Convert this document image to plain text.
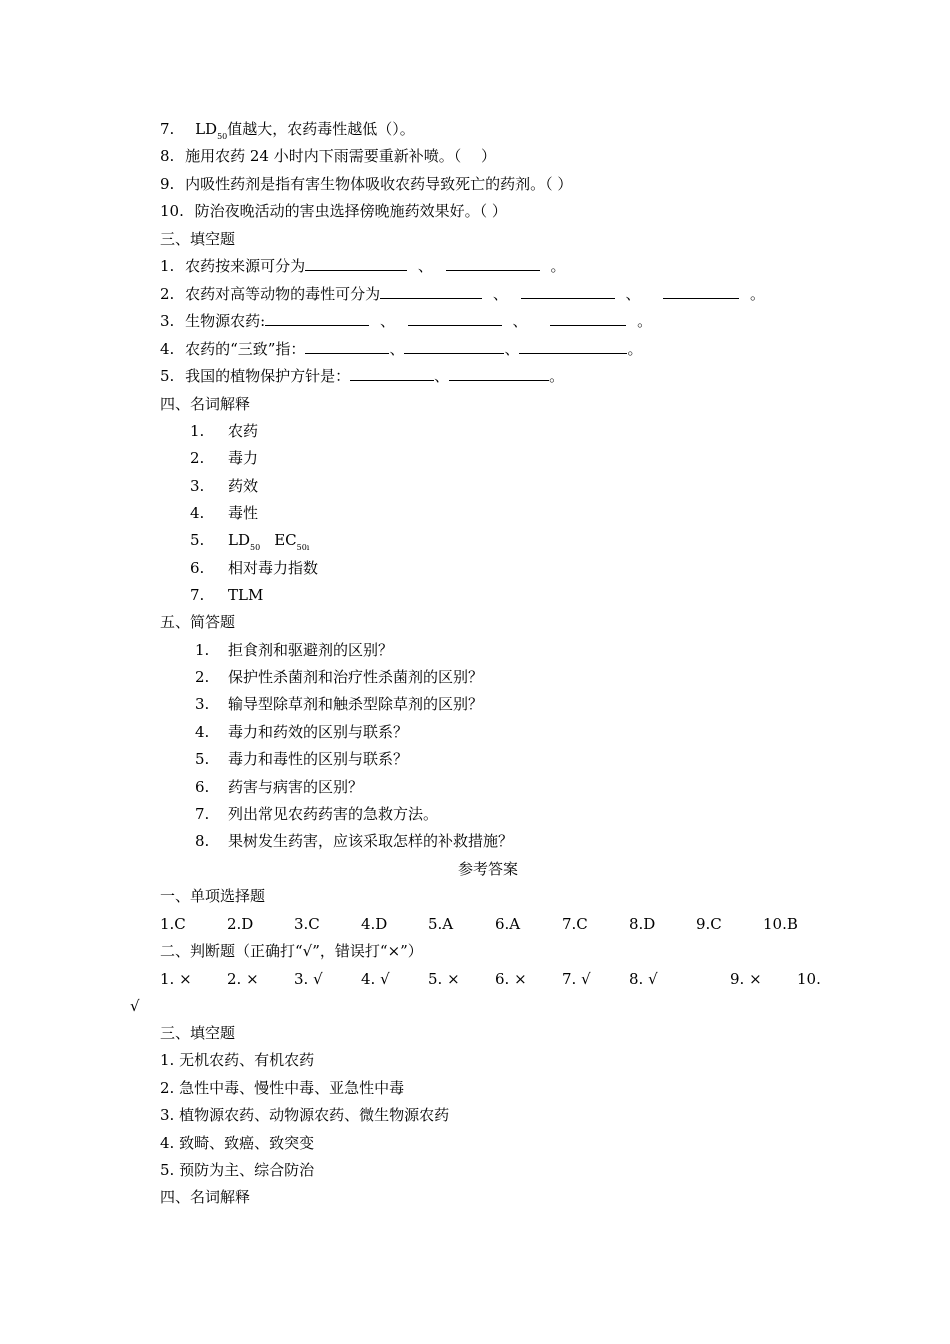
7. $LD_{50}$值越大，农药毒性越低（）。
8. 施用农药 24 小时内下雨需要重新补喷。（　 ）
9. 内吸性药剂是指有害生物体吸收农药导致死亡的药剂。（ ）
10. 防治夜晚活动的害虫选择傍晚施药效果好。（ ）
三、填空题
1. 农药按来源可分为	、	。
2. 农药对高等动物的毒性可分为	、	、	。
3. 生物源农药:	、	、	。
4. 农药的“三致”指：	、	、	。
5. 我国的植物保护方针是：	、	。
四、名词解释
1. 农药
2. 毒力
3. 药效
4. 毒性
5. $LD_{50}$ $EC_{50ı}$
6. 相对毒力指数
7. TLM
五、简答题
1. 拒食剂和驱避剂的区别？
2. 保护性杀菌剂和治疗性杀菌剂的区别？
3. 输导型除草剂和触杀型除草剂的区别？
4. 毒力和药效的区别与联系？
5. 毒力和毒性的区别与联系？
6. 药害与病害的区别？
7. 列出常见农药药害的急救方法。
8. 果树发生药害，应该采取怎样的补救措施？
参考答案
一、单项选择题
1.C	2.D	3.C	4.D	5.A	6.A	7.C	8.D	9.C	10.B
二、判断题（正确打“√”，错误打“×”）
1. × 2. × 3. √	4. √	5. × 6. × 7. √	8. √	9. × 10.
√
三、填空题
1. 无机农药、有机农药
2. 急性中毒、慢性中毒、亚急性中毒
3. 植物源农药、动物源农药、微生物源农药
4. 致畸、致癌、致突变
5. 预防为主、综合防治
四、名词解释
